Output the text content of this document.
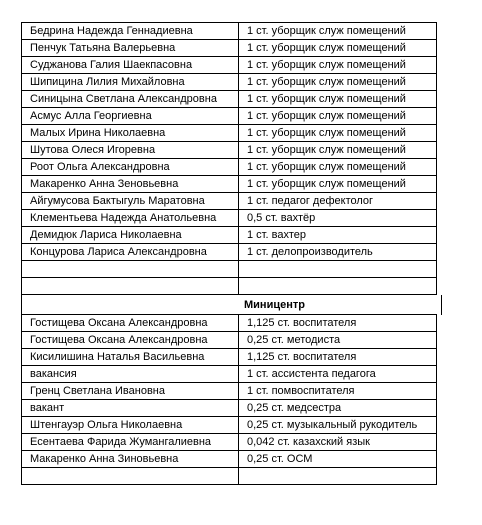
Бедрина Надежда Геннадиевна	1 ст. уборщик служ помещений
Пенчук Татьяна Валерьевна	1 ст. уборщик служ помещений
Суджанова Галия Шаекпасовна	1 ст. уборщик служ помещений
Шипицина Лилия Михайловна	1 ст. уборщик служ помещений
Синицына Светлана Александровна	1 ст. уборщик служ помещений
Асмус Алла Георгиевна	1 ст. уборщик служ помещений
Малых Ирина Николаевна	1 ст. уборщик служ помещений
Шутова Олеся Игоревна	1 ст. уборщик служ помещений
Роот Ольга Александровна	1 ст. уборщик служ помещений
Макаренко Анна Зеновьевна	1 ст. уборщик служ помещений
Айгумусова Бактыгуль Маратовна	1 ст. педагог дефектолог
Клементьева Надежда Анатольевна	0,5 ст. вахтёр
Демидюк Лариса Николаевна	1 ст. вахтер
Концурова Лариса Александровна	1 ст. делопроизводитель

Миницентр
Гостищева Оксана Александровна	1,125 ст. воспитателя
Гостищева Оксана Александровна	0,25 ст. методиста
Кисилишина Наталья Васильевна	1,125 ст. воспитателя
вакансия	1 ст. ассистента педагога
Гренц Светлана Ивановна	1 ст. помвоспитателя
вакант	0,25 ст. медсестра
Штенгауэр Ольга Николаевна	0,25 ст. музыкальный рукодитель
Есентаева Фарида Жумангалиевна	0,042 ст. казахский язык
Макаренко Анна Зиновьевна	0,25 ст. ОСМ
